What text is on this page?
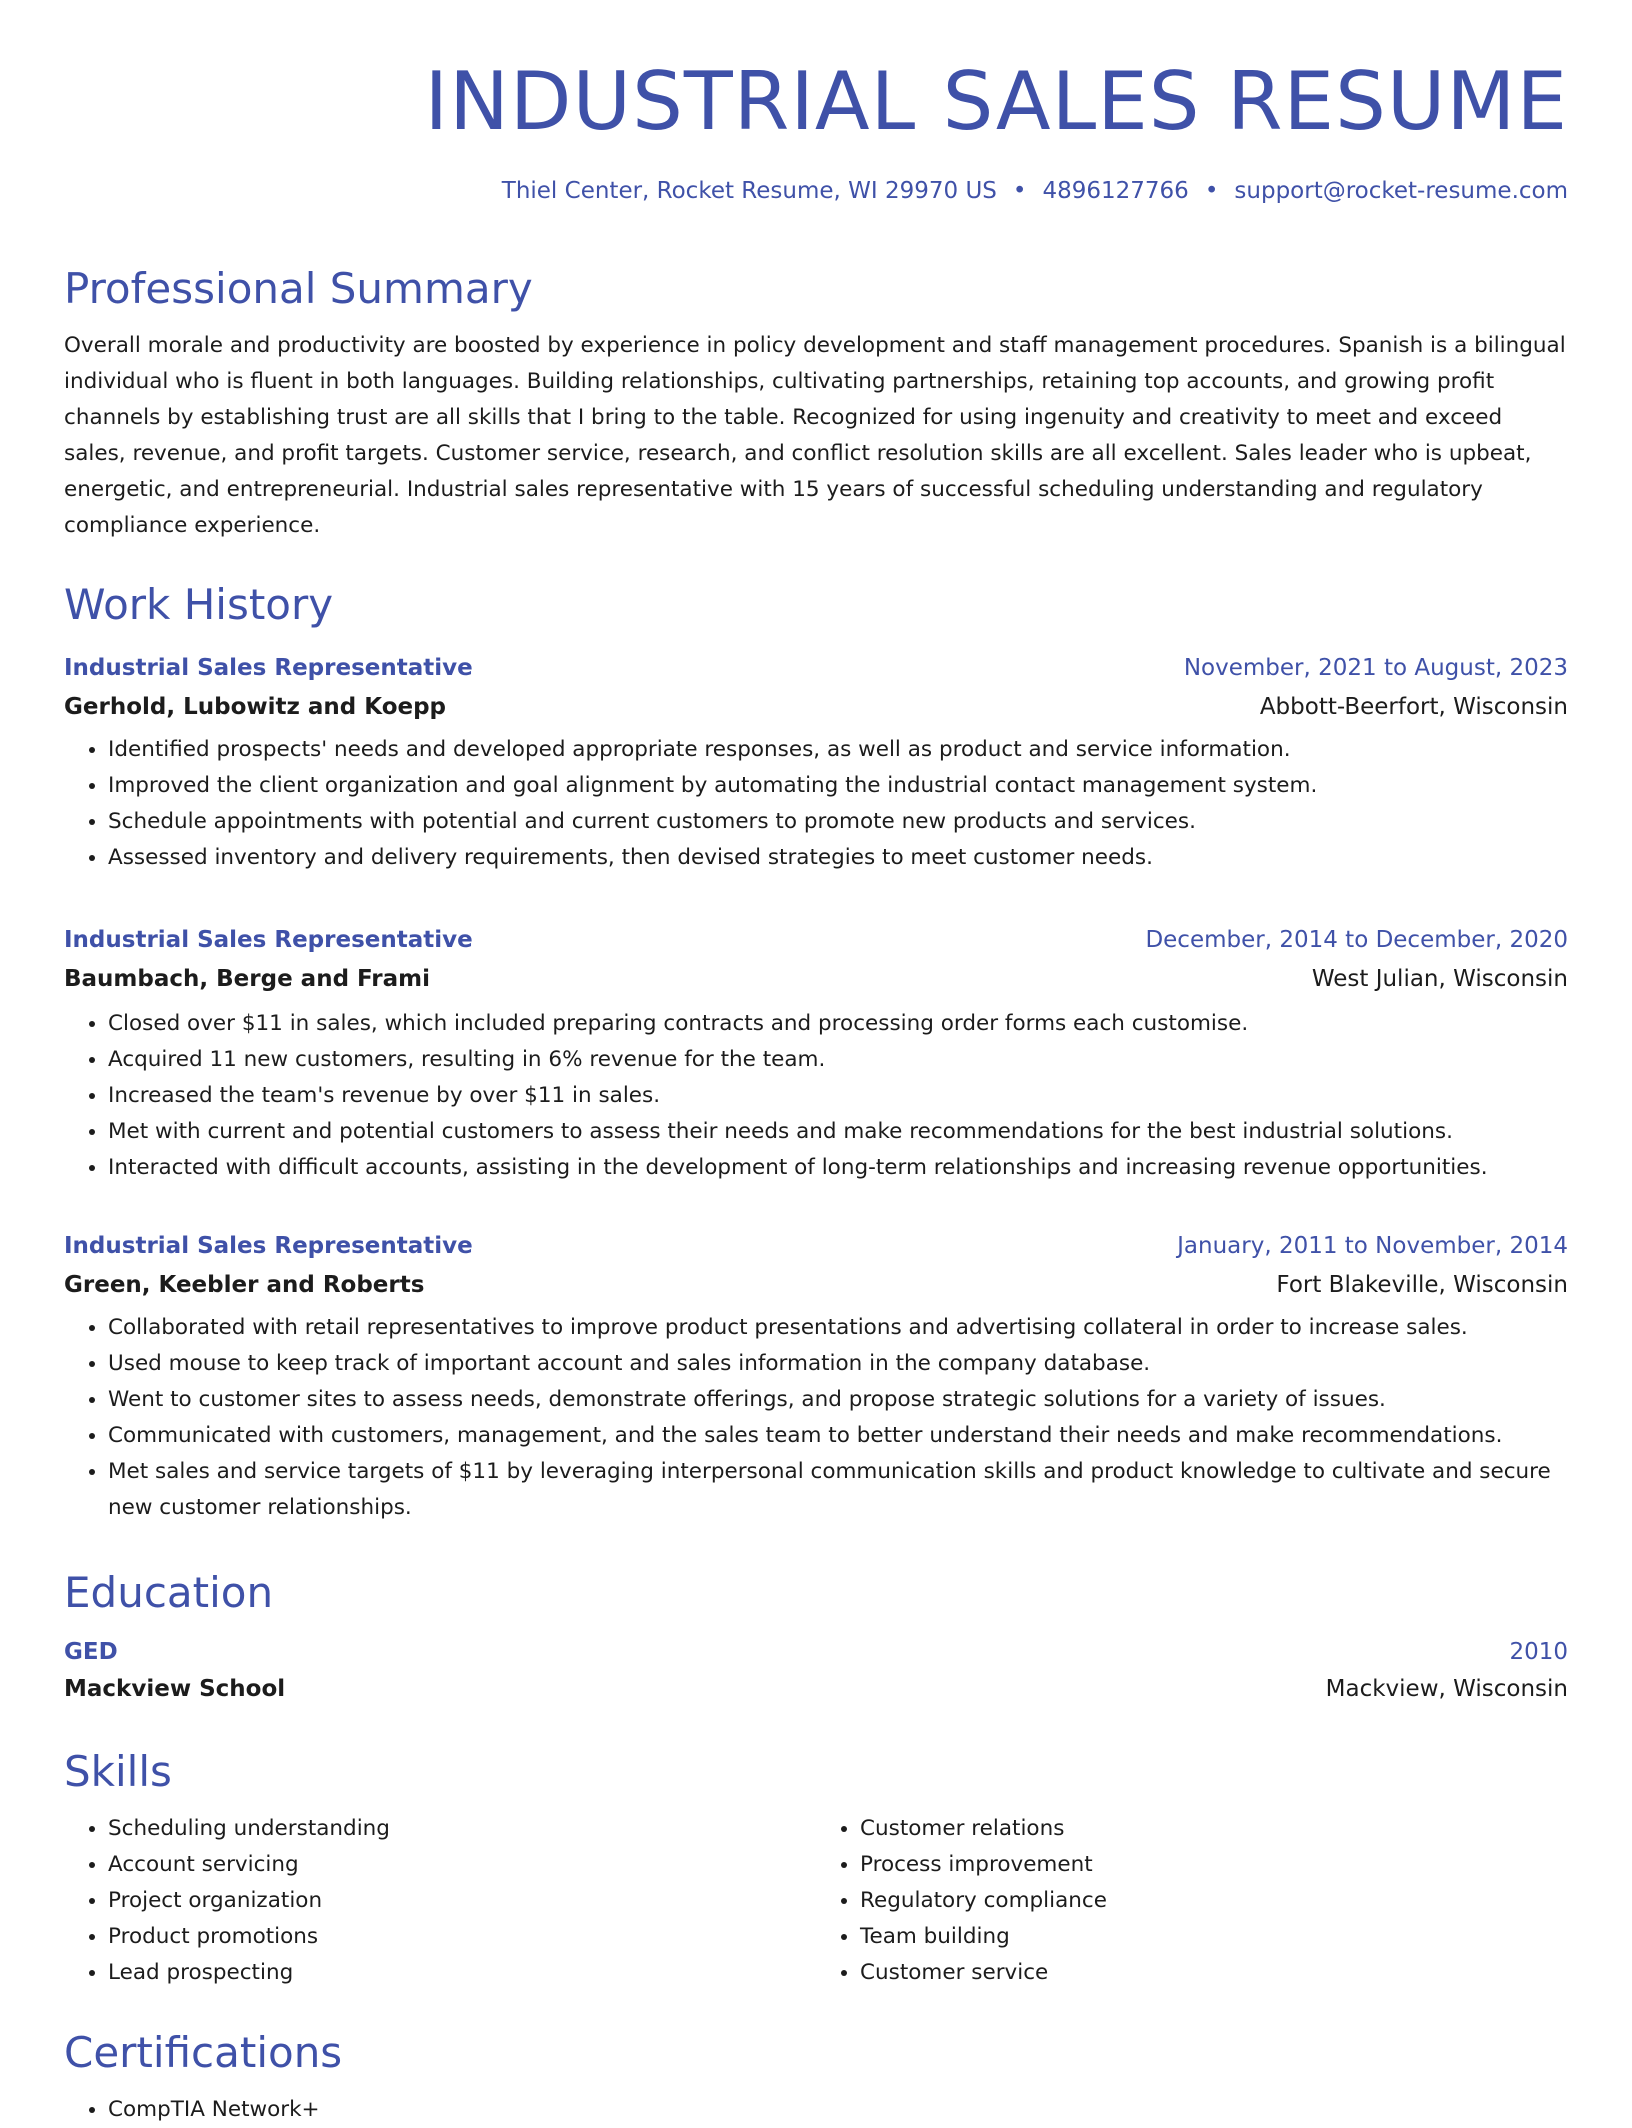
INDUSTRIAL SALES RESUME
Thiel Center, Rocket Resume, WI 29970 US • 4896127766 • support@rocket-resume.com
Professional Summary

Overall morale and productivity are boosted by experience in policy development and staff management procedures. Spanish is a bilingual individual who is fluent in both languages. Building relationships, cultivating partnerships, retaining top accounts, and growing profit channels by establishing trust are all skills that I bring to the table. Recognized for using ingenuity and creativity to meet and exceed sales, revenue, and profit targets. Customer service, research, and conflict resolution skills are all excellent. Sales leader who is upbeat, energetic, and entrepreneurial. Industrial sales representative with 15 years of successful scheduling understanding and regulatory compliance experience.

Work History
Industrial Sales Representative	November, 2021 to August, 2023
Gerhold, Lubowitz and Koepp	Abbott-Beerfort, Wisconsin
• Identified prospects' needs and developed appropriate responses, as well as product and service information.
• Improved the client organization and goal alignment by automating the industrial contact management system.
• Schedule appointments with potential and current customers to promote new products and services.
• Assessed inventory and delivery requirements, then devised strategies to meet customer needs.
Industrial Sales Representative	December, 2014 to December, 2020
Baumbach, Berge and Frami	West Julian, Wisconsin
• Closed over $11 in sales, which included preparing contracts and processing order forms each customise.
• Acquired 11 new customers, resulting in 6% revenue for the team.
• Increased the team's revenue by over $11 in sales.
• Met with current and potential customers to assess their needs and make recommendations for the best industrial solutions.
• Interacted with difficult accounts, assisting in the development of long-term relationships and increasing revenue opportunities.
Industrial Sales Representative	January, 2011 to November, 2014
Green, Keebler and Roberts	Fort Blakeville, Wisconsin
• Collaborated with retail representatives to improve product presentations and advertising collateral in order to increase sales.
• Used mouse to keep track of important account and sales information in the company database.
• Went to customer sites to assess needs, demonstrate offerings, and propose strategic solutions for a variety of issues.
• Communicated with customers, management, and the sales team to better understand their needs and make recommendations.
• Met sales and service targets of $11 by leveraging interpersonal communication skills and product knowledge to cultivate and secure new customer relationships.
Education
GED	2010
Mackview School	Mackview, Wisconsin
Skills
• Scheduling understanding
• Account servicing
• Project organization
• Product promotions
• Lead prospecting
• Customer relations
• Process improvement
• Regulatory compliance
• Team building
• Customer service
Certifications
• CompTIA Network+
